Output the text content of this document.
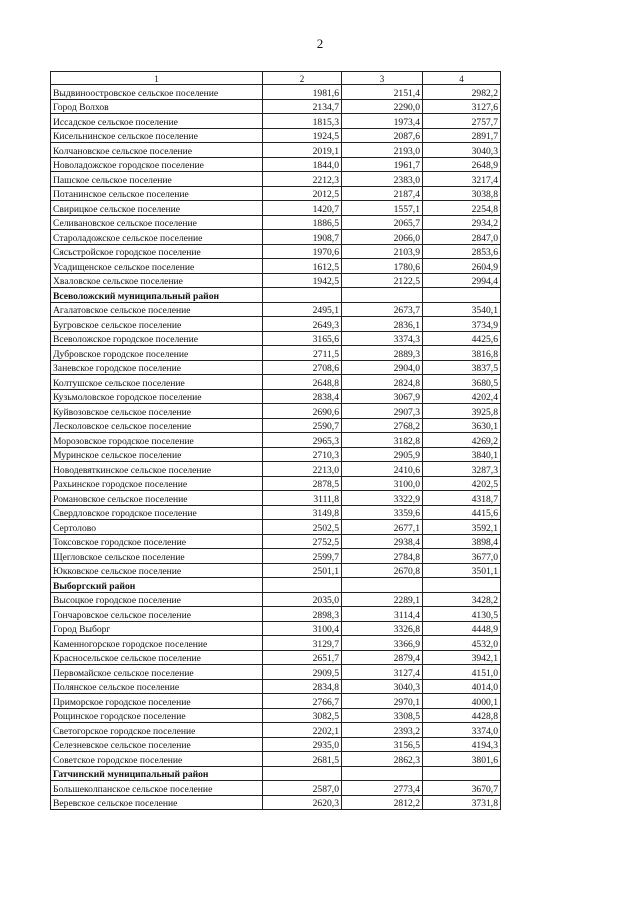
2
1	2	3	4
Выдвиноостровское сельское поселение	1981,6	2151,4	2982,2
Город Волхов	2134,7	2290,0	3127,6
Иссадское сельское поселение	1815,3	1973,4	2757,7
Кисельнинское сельское поселение	1924,5	2087,6	2891,7
Колчановское сельское поселение	2019,1	2193,0	3040,3
Новоладожское городское поселение	1844,0	1961,7	2648,9
Пашское сельское поселение	2212,3	2383,0	3217,4
Потанинское сельское поселение	2012,5	2187,4	3038,8
Свирицкое сельское поселение	1420,7	1557,1	2254,8
Селивановское сельское поселение	1886,5	2065,7	2934,2
Староладожское сельское поселение	1908,7	2066,0	2847,0
Сясьстройское городское поселение	1970,6	2103,9	2853,6
Усадищенское сельское поселение	1612,5	1780,6	2604,9
Хваловское сельское поселение	1942,5	2122,5	2994,4
Всеволожский муниципальный район			
Агалатовское сельское поселение	2495,1	2673,7	3540,1
Бугровское сельское поселение	2649,3	2836,1	3734,9
Всеволожское городское поселение	3165,6	3374,3	4425,6
Дубровское городское поселение	2711,5	2889,3	3816,8
Заневское городское поселение	2708,6	2904,0	3837,5
Колтушское сельское поселение	2648,8	2824,8	3680,5
Кузьмоловское городское поселение	2838,4	3067,9	4202,4
Куйвозовское сельское поселение	2690,6	2907,3	3925,8
Лесколовское сельское поселение	2590,7	2768,2	3630,1
Морозовское городское поселение	2965,3	3182,8	4269,2
Муринское сельское поселение	2710,3	2905,9	3840,1
Новодевяткинское сельское поселение	2213,0	2410,6	3287,3
Рахьинское городское поселение	2878,5	3100,0	4202,5
Романовское сельское поселение	3111,8	3322,9	4318,7
Свердловское городское поселение	3149,8	3359,6	4415,6
Сертолово	2502,5	2677,1	3592,1
Токсовское городское поселение	2752,5	2938,4	3898,4
Щегловское сельское поселение	2599,7	2784,8	3677,0
Юкковское сельское поселение	2501,1	2670,8	3501,1
Выборгский район			
Высоцкое городское поселение	2035,0	2289,1	3428,2
Гончаровское сельское поселение	2898,3	3114,4	4130,5
Город Выборг	3100,4	3326,8	4448,9
Каменногорское городское поселение	3129,7	3366,9	4532,0
Красносельское сельское поселение	2651,7	2879,4	3942,1
Первомайское сельское поселение	2909,5	3127,4	4151,0
Полянское сельское поселение	2834,8	3040,3	4014,0
Приморское городское поселение	2766,7	2970,1	4000,1
Рощинское городское поселение	3082,5	3308,5	4428,8
Светогорское городское поселение	2202,1	2393,2	3374,0
Селезневское сельское поселение	2935,0	3156,5	4194,3
Советское городское поселение	2681,5	2862,3	3801,6
Гатчинский муниципальный район			
Большеколпанское сельское поселение	2587,0	2773,4	3670,7
Веревское сельское поселение	2620,3	2812,2	3731,8
